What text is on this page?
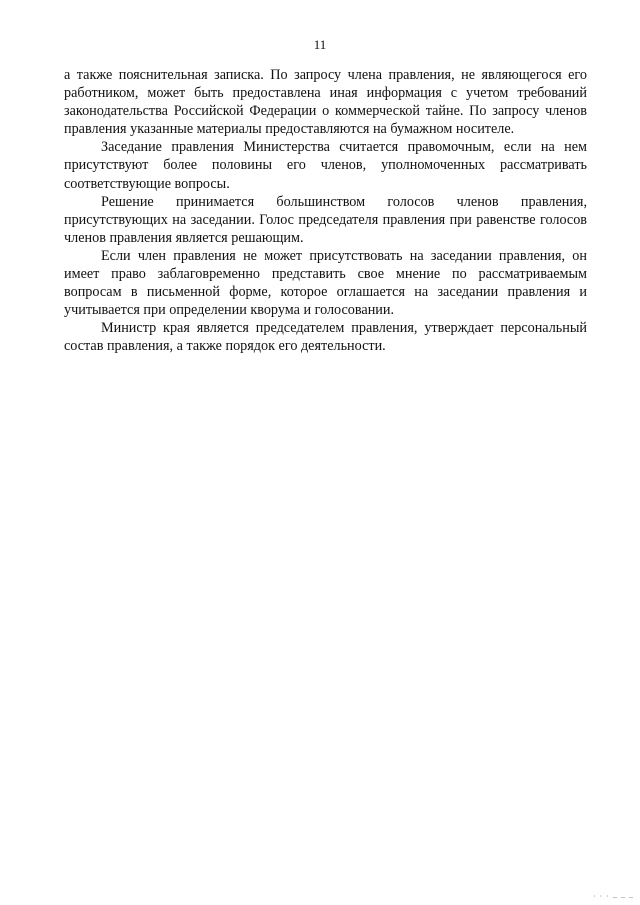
11

а также пояснительная записка. По запросу члена правления, не являющегося его работником, может быть предоставлена иная информация с учетом требований законодательства Российской Федерации о коммерческой тайне. По запросу членов правления указанные материалы предоставляются на бумажном носителе.

Заседание правления Министерства считается правомочным, если на нем присутствуют более половины его членов, уполномоченных рассматривать соответствующие вопросы.

Решение принимается большинством голосов членов правления, присутствующих на заседании. Голос председателя правления при равенстве голосов членов правления является решающим.

Если член правления не может присутствовать на заседании правления, он имеет право заблаговременно представить свое мнение по рассматриваемым вопросам в письменной форме, которое оглашается на заседании правления и учитывается при определении кворума и голосовании.

Министр края является председателем правления, утверждает персональный состав правления, а также порядок его деятельности.

· · · – – –
